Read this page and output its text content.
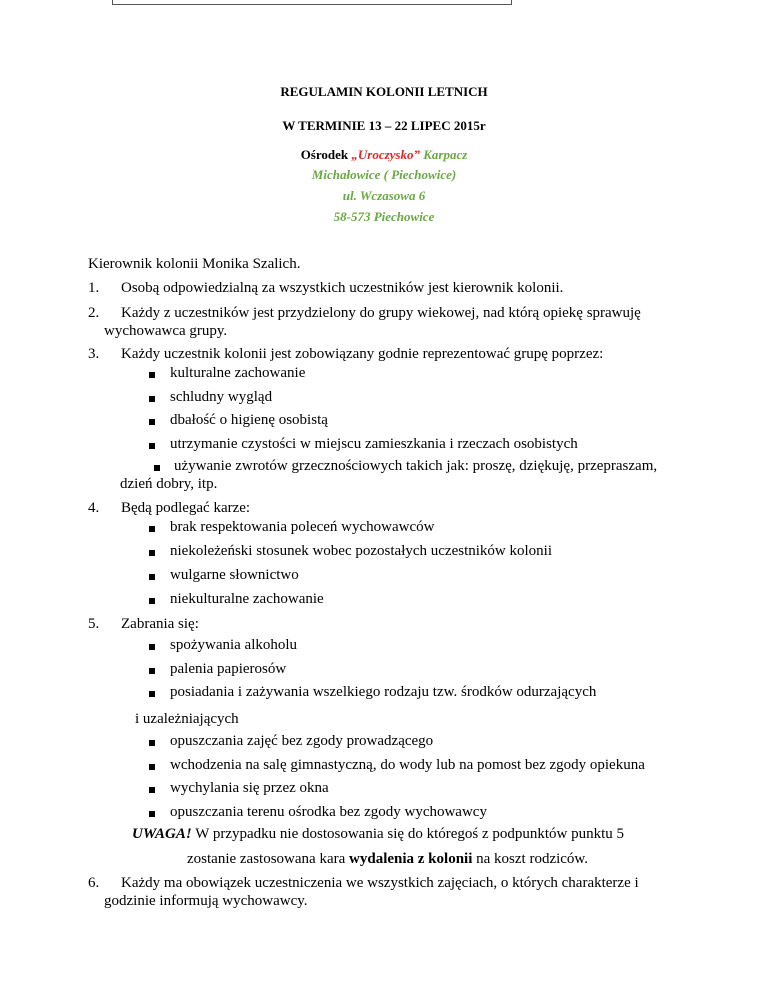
REGULAMIN KOLONII LETNICH
W TERMINIE 13 – 22 LIPEC 2015r
Ośrodek „Uroczysko” Karpacz
Michałowice ( Piechowice)
ul. Wczasowa 6
58-573 Piechowice
Kierownik kolonii Monika Szalich.
1. Osobą odpowiedzialną za wszystkich uczestników jest kierownik kolonii.
2. Każdy z uczestników jest przydzielony do grupy wiekowej, nad którą opiekę sprawuję
wychowawca grupy.
3. Każdy uczestnik kolonii jest zobowiązany godnie reprezentować grupę poprzez:
kulturalne zachowanie
schludny wygląd
dbałość o higienę osobistą
utrzymanie czystości w miejscu zamieszkania i rzeczach osobistych
używanie zwrotów grzecznościowych takich jak: proszę, dziękuję, przepraszam,
dzień dobry, itp.
4. Będą podlegać karze:
brak respektowania poleceń wychowawców
niekoleżeński stosunek wobec pozostałych uczestników kolonii
wulgarne słownictwo
niekulturalne zachowanie
5. Zabrania się:
spożywania alkoholu
palenia papierosów
posiadania i zażywania wszelkiego rodzaju tzw. środków odurzających
i uzależniających
opuszczania zajęć bez zgody prowadzącego
wchodzenia na salę gimnastyczną, do wody lub na pomost bez zgody opiekuna
wychylania się przez okna
opuszczania terenu ośrodka bez zgody wychowawcy
UWAGA! W przypadku nie dostosowania się do któregoś z podpunktów punktu 5
zostanie zastosowana kara wydalenia z kolonii na koszt rodziców.
6. Każdy ma obowiązek uczestniczenia we wszystkich zajęciach, o których charakterze i
godzinie informują wychowawcy.
